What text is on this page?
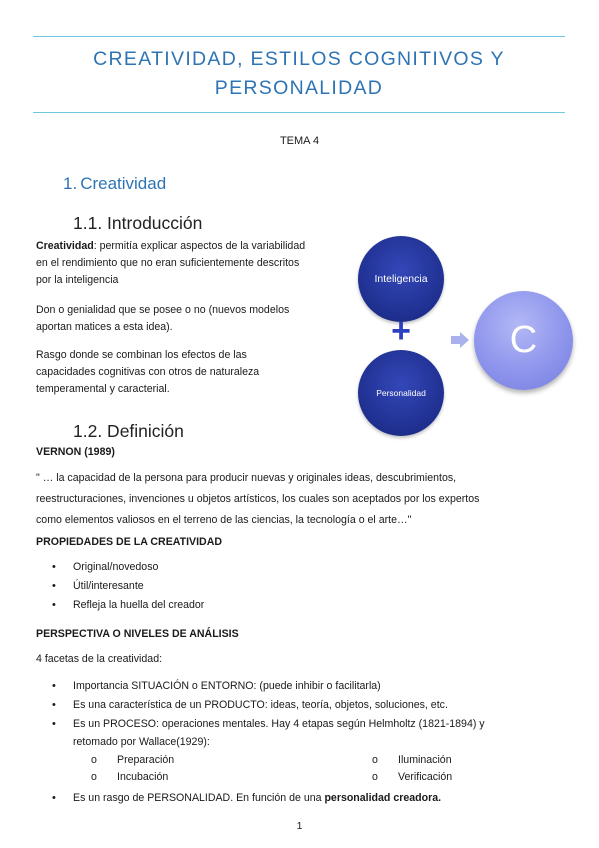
CREATIVIDAD, ESTILOS COGNITIVOS Y
PERSONALIDAD
TEMA 4
1. Creatividad
1.1. Introducción

Creatividad: permitía explicar aspectos de la variabilidad
en el rendimiento que no eran suficientemente descritos
por la inteligencia

Don o genialidad que se posee o no (nuevos modelos
aportan matices a esta idea).

Rasgo donde se combinan los efectos de las
capacidades cognitivas con otros de naturaleza
temperamental y caracterial.

Inteligencia
+
Personalidad
C
1.2. Definición
VERNON (1989)

" … la capacidad de la persona para producir nuevas y originales ideas, descubrimientos,
reestructuraciones, invenciones u objetos artísticos, los cuales son aceptados por los expertos
como elementos valiosos en el terreno de las ciencias, la tecnología o el arte…"

PROPIEDADES DE LA CREATIVIDAD
• Original/novedoso
• Útil/interesante
• Refleja la huella del creador
PERSPECTIVA O NIVELES DE ANÁLISIS
4 facetas de la creatividad:
• Importancia SITUACIÓN o ENTORNO: (puede inhibir o facilitarla)
• Es una característica de un PRODUCTO: ideas, teoría, objetos, soluciones, etc.
• Es un PROCESO: operaciones mentales. Hay 4 etapas según Helmholtz (1821-1894) y
retomado por Wallace(1929):
o Preparación	o Iluminación
o Incubación	o Verificación
• Es un rasgo de PERSONALIDAD. En función de una personalidad creadora.
1
